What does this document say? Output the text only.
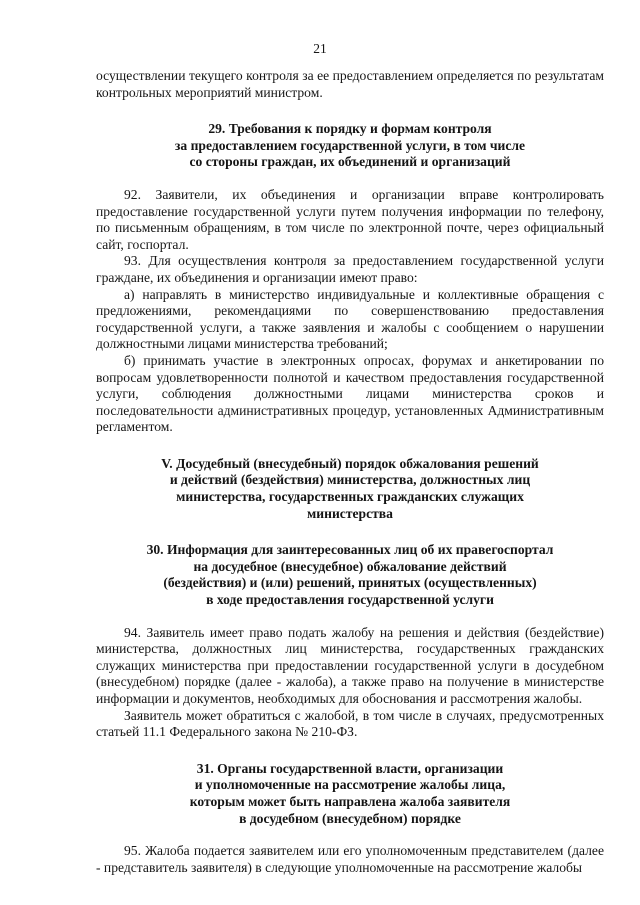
21

осуществлении текущего контроля за ее предоставлением определяется по результатам контрольных мероприятий министром.

29. Требования к порядку и формам контроля
за предоставлением государственной услуги, в том числе
со стороны граждан, их объединений и организаций

92. Заявители, их объединения и организации вправе контролировать предоставление государственной услуги путем получения информации по телефону, по письменным обращениям, в том числе по электронной почте, через официальный сайт, госпортал.

93. Для осуществления контроля за предоставлением государственной услуги граждане, их объединения и организации имеют право:

а) направлять в министерство индивидуальные и коллективные обращения с предложениями, рекомендациями по совершенствованию предоставления государственной услуги, а также заявления и жалобы с сообщением о нарушении должностными лицами министерства требований;

б) принимать участие в электронных опросах, форумах и анкетировании по вопросам удовлетворенности полнотой и качеством предоставления государственной услуги, соблюдения должностными лицами министерства сроков и последовательности административных процедур, установленных Административным регламентом.

V. Досудебный (внесудебный) порядок обжалования решений
и действий (бездействия) министерства, должностных лиц
министерства, государственных гражданских служащих
министерства
30. Информация для заинтересованных лиц об их правегоспортал
на досудебное (внесудебное) обжалование действий
(бездействия) и (или) решений, принятых (осуществленных)
в ходе предоставления государственной услуги

94. Заявитель имеет право подать жалобу на решения и действия (бездействие) министерства, должностных лиц министерства, государственных гражданских служащих министерства при предоставлении государственной услуги в досудебном (внесудебном) порядке (далее - жалоба), а также право на получение в министерстве информации и документов, необходимых для обоснования и рассмотрения жалобы.

Заявитель может обратиться с жалобой, в том числе в случаях, предусмотренных статьей 11.1 Федерального закона № 210-ФЗ.

31. Органы государственной власти, организации
и уполномоченные на рассмотрение жалобы лица,
которым может быть направлена жалоба заявителя
в досудебном (внесудебном) порядке

95. Жалоба подается заявителем или его уполномоченным представителем (далее - представитель заявителя) в следующие уполномоченные на рассмотрение жалобы
